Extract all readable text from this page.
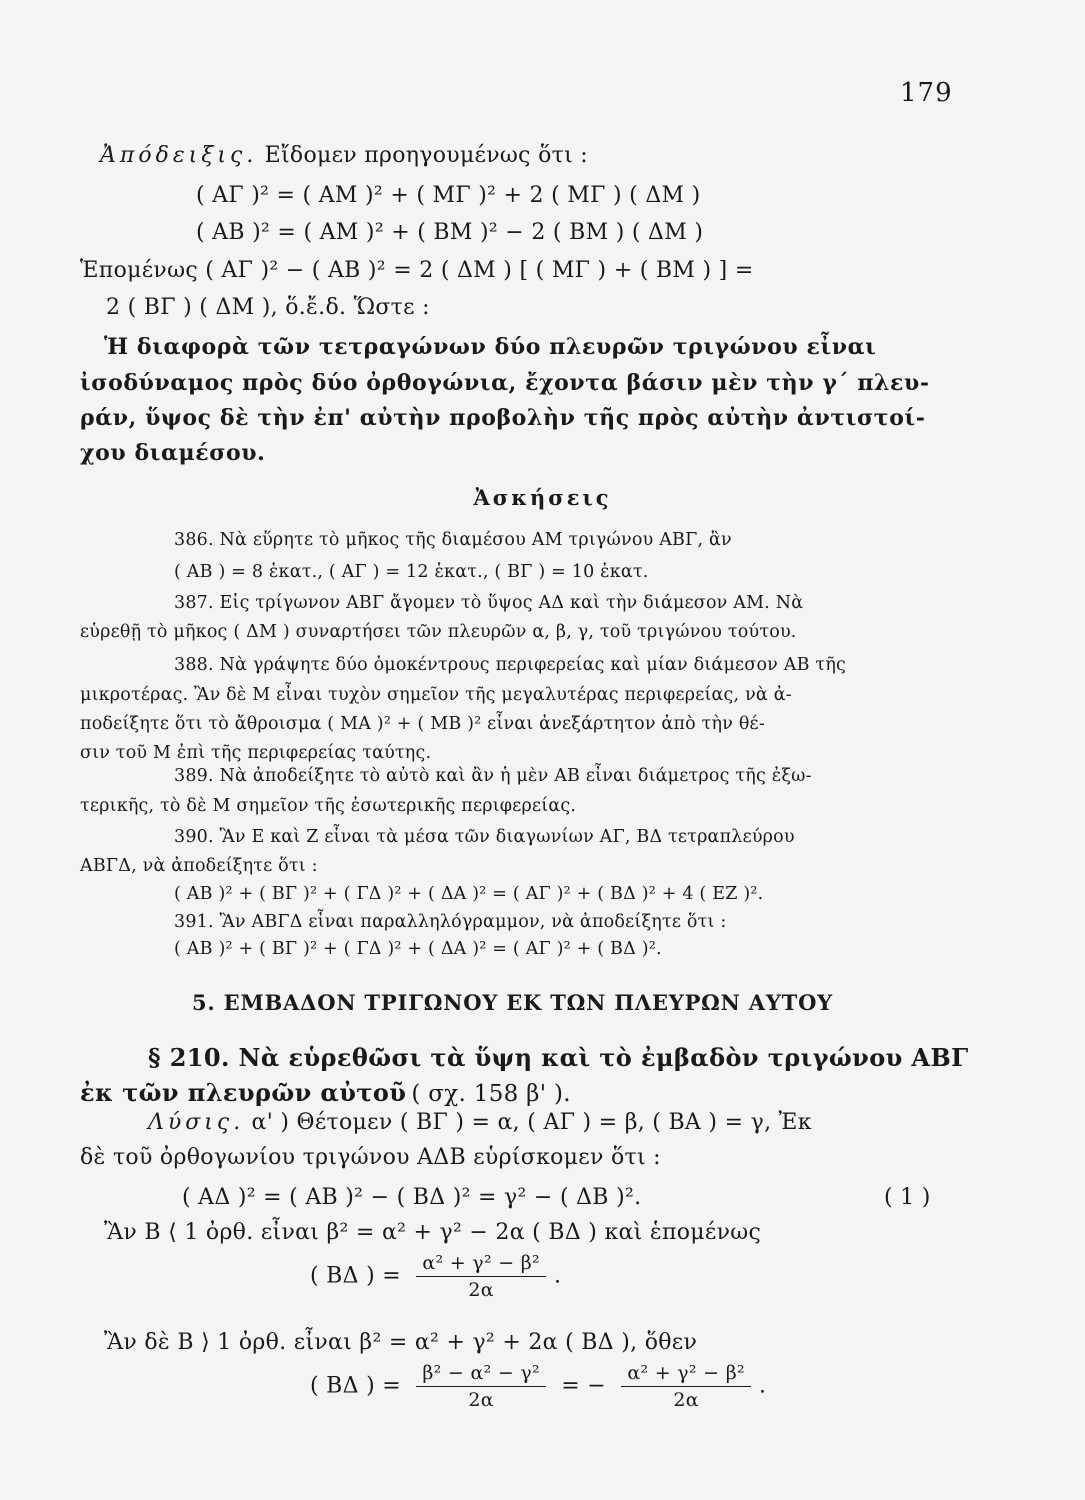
179
Ἀπόδειξις. Εἴδομεν προηγουμένως ὅτι :
( ΑΓ )² = ( ΑΜ )² + ( ΜΓ )² + 2 ( ΜΓ ) ( ΔΜ )
( ΑΒ )² = ( ΑΜ )² + ( ΒΜ )² − 2 ( ΒΜ ) ( ΔΜ )
Ἑπομένως ( ΑΓ )² − ( ΑΒ )² = 2 ( ΔΜ ) [ ( ΜΓ ) + ( ΒΜ ) ] =
2 ( ΒΓ ) ( ΔΜ ), ὅ.ἔ.δ. Ὥστε :
Ἡ διαφορὰ τῶν τετραγώνων δύο πλευρῶν τριγώνου εἶναι
ἰσοδύναμος πρὸς δύο ὀρθογώνια, ἔχοντα βάσιν μὲν τὴν γ΄ πλευ-
ράν, ὕψος δὲ τὴν ἐπ' αὐτὴν προβολὴν τῆς πρὸς αὐτὴν ἀντιστοί-
χου διαμέσου.
Ἀσκήσεις
386. Νὰ εὕρητε τὸ μῆκος τῆς διαμέσου ΑΜ τριγώνου ΑΒΓ, ἂν
( ΑΒ ) = 8 ἑκατ., ( ΑΓ ) = 12 ἑκατ., ( ΒΓ ) = 10 ἑκατ.
387. Εἰς τρίγωνον ΑΒΓ ἄγομεν τὸ ὕψος ΑΔ καὶ τὴν διάμεσον ΑΜ. Νὰ
εὑρεθῇ τὸ μῆκος ( ΔΜ ) συναρτήσει τῶν πλευρῶν α, β, γ, τοῦ τριγώνου τούτου.
388. Νὰ γράψητε δύο ὁμοκέντρους περιφερείας καὶ μίαν διάμεσον ΑΒ τῆς
μικροτέρας. Ἂν δὲ Μ εἶναι τυχὸν σημεῖον τῆς μεγαλυτέρας περιφερείας, νὰ ἀ-
ποδείξητε ὅτι τὸ ἄθροισμα ( ΜΑ )² + ( ΜΒ )² εἶναι ἀνεξάρτητον ἀπὸ τὴν θέ-
σιν τοῦ Μ ἐπὶ τῆς περιφερείας ταύτης.
389. Νὰ ἀποδείξητε τὸ αὐτὸ καὶ ἂν ἡ μὲν ΑΒ εἶναι διάμετρος τῆς ἐξω-
τερικῆς, τὸ δὲ Μ σημεῖον τῆς ἐσωτερικῆς περιφερείας.
390. Ἂν Ε καὶ Ζ εἶναι τὰ μέσα τῶν διαγωνίων ΑΓ, ΒΔ τετραπλεύρου
ΑΒΓΔ, νὰ ἀποδείξητε ὅτι :
( ΑΒ )² + ( ΒΓ )² + ( ΓΔ )² + ( ΔΑ )² = ( ΑΓ )² + ( ΒΔ )² + 4 ( ΕΖ )².
391. Ἂν ΑΒΓΔ εἶναι παραλληλόγραμμον, νὰ ἀποδείξητε ὅτι :
( ΑΒ )² + ( ΒΓ )² + ( ΓΔ )² + ( ΔΑ )² = ( ΑΓ )² + ( ΒΔ )².
5. ΕΜΒΑΔΟΝ ΤΡΙΓΩΝΟΥ ΕΚ ΤΩΝ ΠΛΕΥΡΩΝ ΑΥΤΟΥ
§ 210. Νὰ εὑρεθῶσι τὰ ὕψη καὶ τὸ ἐμβαδὸν τριγώνου ΑΒΓ
ἐκ τῶν πλευρῶν αὐτοῦ ( σχ. 158 β' ).
Λύσις. α' ) Θέτομεν ( ΒΓ ) = α, ( ΑΓ ) = β, ( ΒΑ ) = γ, Ἐκ
δὲ τοῦ ὀρθογωνίου τριγώνου ΑΔΒ εὑρίσκομεν ὅτι :
( ΑΔ )² = ( ΑΒ )² − ( ΒΔ )² = γ² − ( ΔΒ )².	( 1 )
Ἂν Β ⟨ 1 ὀρθ. εἶναι β² = α² + γ² − 2α ( ΒΔ ) καὶ ἑπομένως
( ΒΔ ) = $\frac{\text{α² + γ² − β²}}{2\alpha}$ .
Ἂν δὲ Β ⟩ 1 ὀρθ. εἶναι β² = α² + γ² + 2α ( ΒΔ ), ὅθεν
( ΒΔ ) = $\frac{\text{β² − α² − γ²}}{2\alpha}$ = − $\frac{\text{α² + γ² − β²}}{2\alpha}$ .
